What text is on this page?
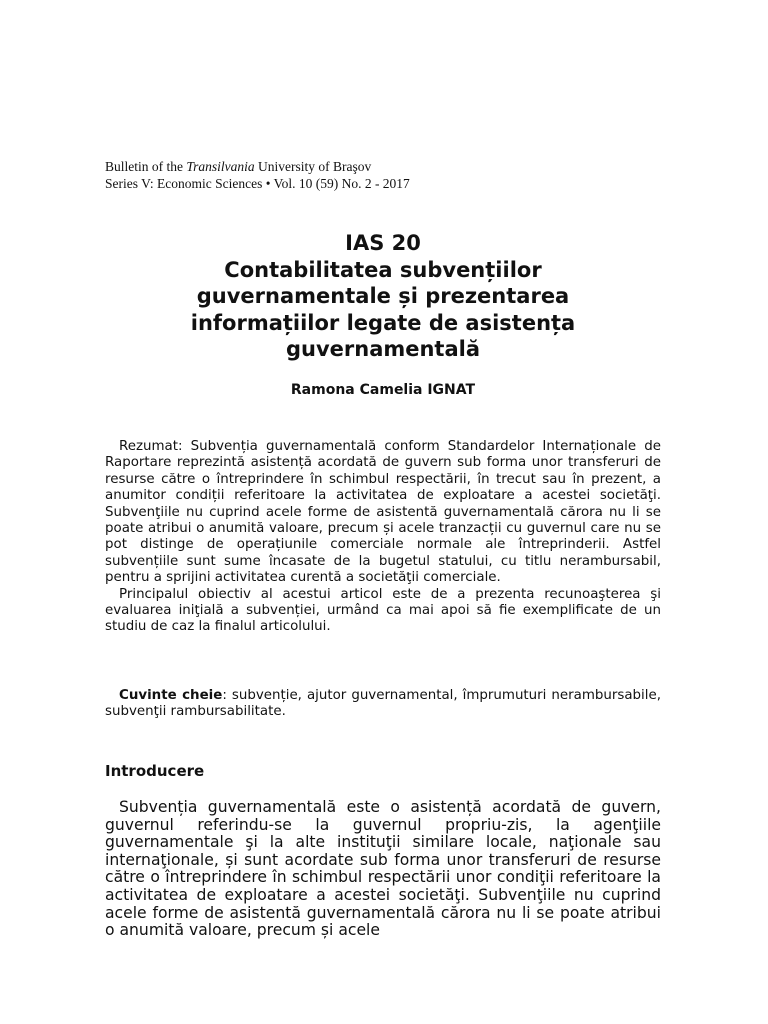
Bulletin of the Transilvania University of Braşov
Series V: Economic Sciences • Vol. 10 (59) No. 2 - 2017
IAS 20
Contabilitatea subvențiilor
guvernamentale și prezentarea
informațiilor legate de asistența
guvernamentală
Ramona Camelia IGNAT

Rezumat: Subvenția guvernamentală conform Standardelor Internaționale de Raportare reprezintă asistență acordată de guvern sub forma unor transferuri de resurse către o întreprindere în schimbul respectării, în trecut sau în prezent, a anumitor condiții referitoare la activitatea de exploatare a acestei societăţi. Subvenţiile nu cuprind acele forme de asistentă guvernamentală cărora nu li se poate atribui o anumită valoare, precum și acele tranzacții cu guvernul care nu se pot distinge de operațiunile comerciale normale ale întreprinderii. Astfel subvențiile sunt sume încasate de la bugetul statului, cu titlu nerambursabil, pentru a sprijini activitatea curentă a societăţii comerciale.

Principalul obiectiv al acestui articol este de a prezenta recunoaşterea şi evaluarea iniţială a subvenției, urmând ca mai apoi să fie exemplificate de un studiu de caz la finalul articolului.

Cuvinte cheie: subvenție, ajutor guvernamental, împrumuturi nerambursabile, subvenţii rambursabilitate.
Introducere

Subvenția guvernamentală este o asistență acordată de guvern, guvernul referindu-se la guvernul propriu-zis, la agenţiile guvernamentale şi la alte instituţii similare locale, naţionale sau internaţionale, și sunt acordate sub forma unor transferuri de resurse către o întreprindere în schimbul respectării unor condiţii referitoare la activitatea de exploatare a acestei societăţi. Subvenţiile nu cuprind acele forme de asistentă guvernamentală cărora nu li se poate atribui o anumită valoare, precum și acele
